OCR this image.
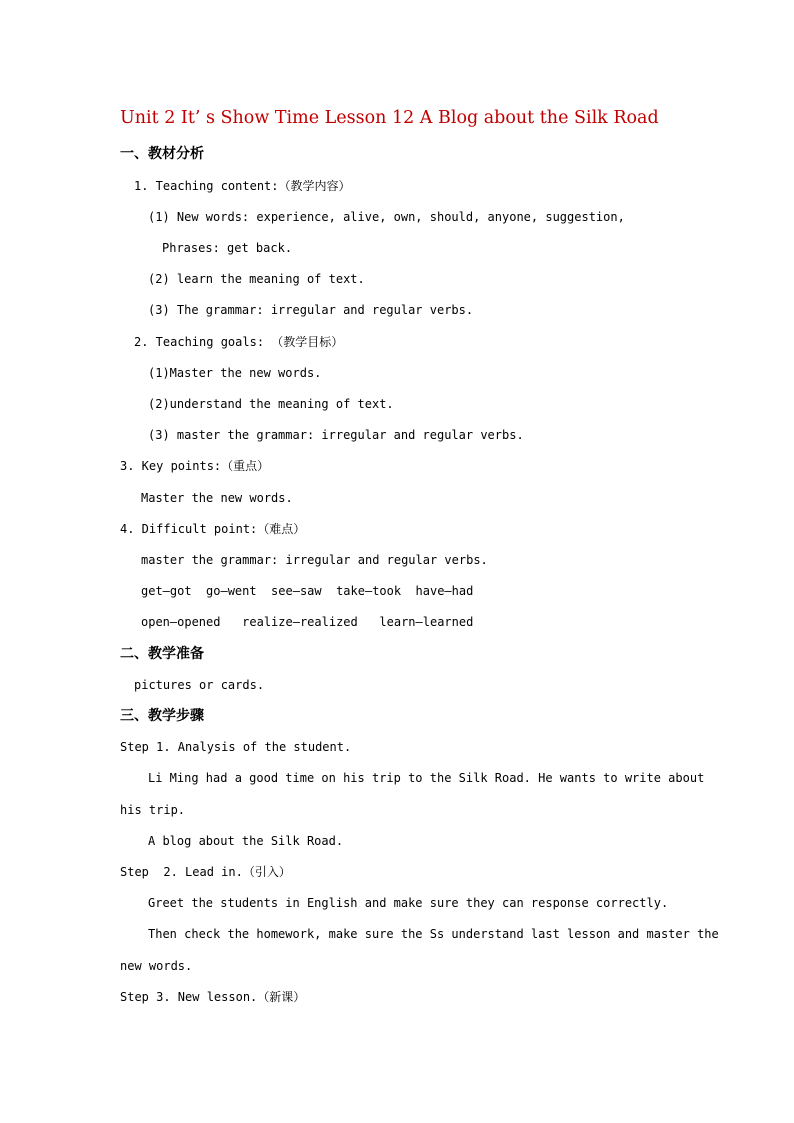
Unit 2 It’ s Show Time Lesson 12 A Blog about the Silk Road
一、教材分析
1. Teaching content:（教学内容）
(1) New words: experience, alive, own, should, anyone, suggestion,
Phrases: get back.
(2) learn the meaning of text.
(3) The grammar: irregular and regular verbs.
2. Teaching goals: （教学目标）
(1)Master the new words.
(2)understand the meaning of text.
(3) master the grammar: irregular and regular verbs.
3. Key points:（重点）
Master the new words.
4. Difficult point:（难点）
master the grammar: irregular and regular verbs.
get—got  go—went  see—saw  take—took  have—had
open—opened   realize—realized   learn—learned
二、教学准备
pictures or cards.
三、教学步骤
Step 1. Analysis of the student.
Li Ming had a good time on his trip to the Silk Road. He wants to write about
his trip.
A blog about the Silk Road.
Step  2. Lead in.（引入）
Greet the students in English and make sure they can response correctly.
Then check the homework, make sure the Ss understand last lesson and master the
new words.
Step 3. New lesson.（新课）
